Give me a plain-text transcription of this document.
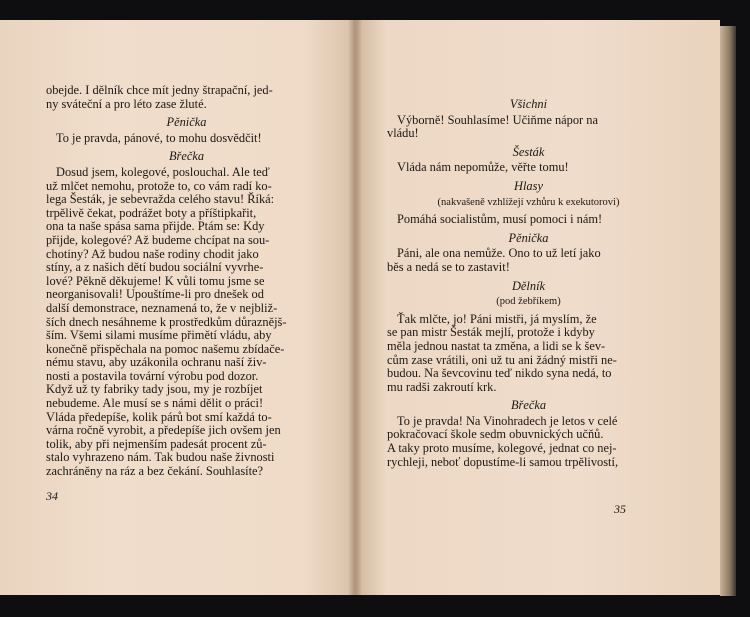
obejde. I dělník chce mít jedny štrapační, jed-

ny sváteční a pro léto zase žluté.

Pěnička

To je pravda, pánové, to mohu dosvědčit!

Břečka

Dosud jsem, kolegové, poslouchal. Ale teď

už mlčet nemohu, protože to, co vám radí ko-

lega Šesták, je sebevražda celého stavu! Říká:

trpělivě čekat, podrážet boty a příštipkařit,

ona ta naše spása sama přijde. Ptám se: Kdy

přijde, kolegové? Až budeme chcípat na sou-

chotiny? Až budou naše rodiny chodit jako

stíny, a z našich dětí budou sociální vyvrhe-

lové? Pěkně děkujeme! K vůli tomu jsme se

neorganisovali! Upouštíme-li pro dnešek od

další demonstrace, neznamená to, že v nejbliž-

ších dnech nesáhneme k prostředkům důraznějš-

ším. Všemi silami musíme přimětí vládu, aby

konečně přispěchala na pomoc našemu zbídače-

nému stavu, aby uzákonila ochranu naší živ-

nosti a postavila tovární výrobu pod dozor.

Když už ty fabriky tady jsou, my je rozbíjet

nebudeme. Ale musí se s námi dělit o práci!

Vláda předepíše, kolik párů bot smí každá to-

várna ročně vyrobit, a předepíše jich ovšem jen

tolik, aby při nejmenším padesát procent zů-

stalo vyhrazeno nám. Tak budou naše živnosti

zachráněny na ráz a bez čekání. Souhlasíte?

34
Všichni

Výborně! Souhlasíme! Učiňme nápor na

vládu!

Šesták

Vláda nám nepomůže, věřte tomu!

Hlasy
(nakvašeně vzhlížejí vzhůru k exekutorovi)

Pomáhá socialistům, musí pomoci i nám!

Pěnička

Páni, ale ona nemůže. Ono to už letí jako

běs a nedá se to zastavit!

Dělník
(pod žebříkem)

Ťak mlčte, jo! Páni mistři, já myslím, že

se pan mistr Šesták mejlí, protože i kdyby

měla jednou nastat ta změna, a lidi se k šev-

cům zase vrátili, oni už tu ani žádný mistři ne-

budou. Na ševcovinu teď nikdo syna nedá, to

mu radši zakroutí krk.

Břečka

To je pravda! Na Vinohradech je letos v celé

pokračovací škole sedm obuvnických učňů.

A taky proto musíme, kolegové, jednat co nej-

rychleji, neboť dopustíme-li samou trpělivostí,

35
